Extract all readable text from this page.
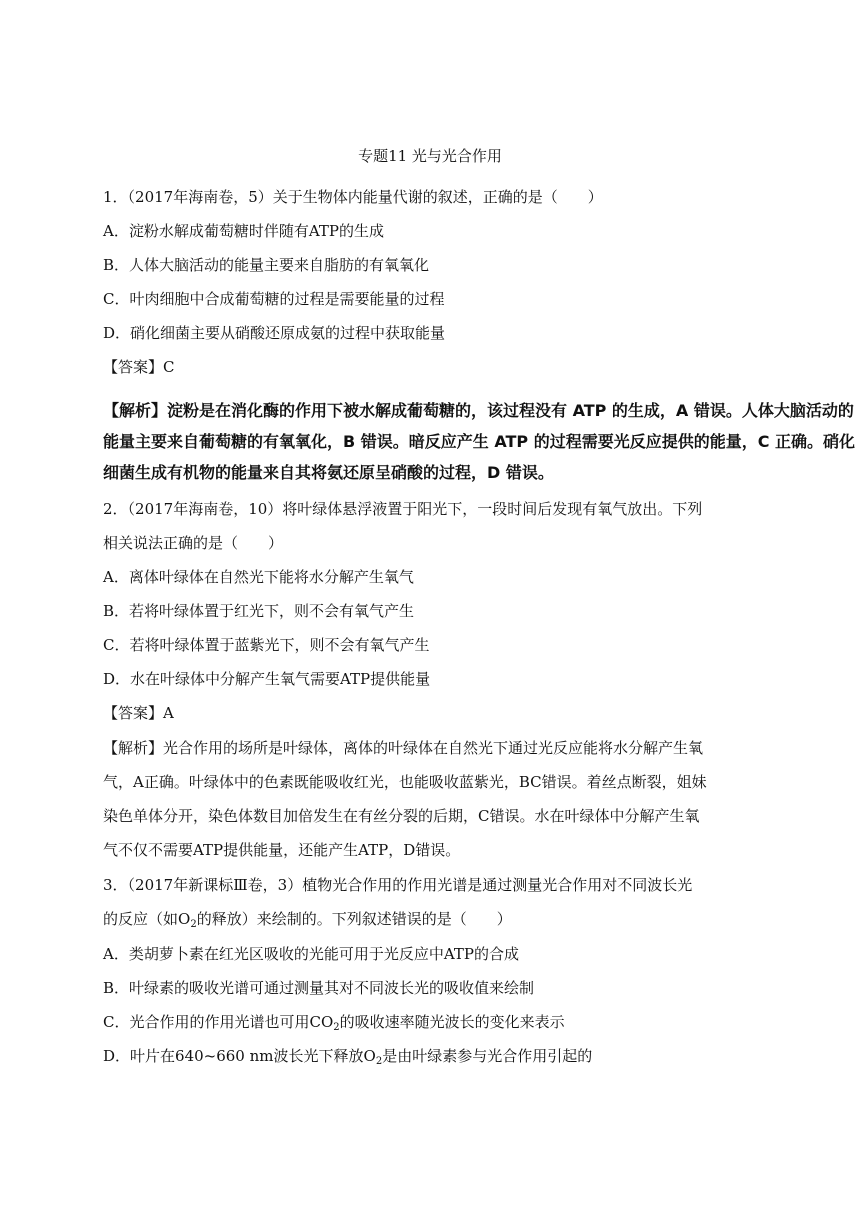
专题11 光与光合作用
1．（2017年海南卷，5）关于生物体内能量代谢的叙述，正确的是（　　）
A．淀粉水解成葡萄糖时伴随有ATP的生成
B．人体大脑活动的能量主要来自脂肪的有氧氧化
C．叶肉细胞中合成葡萄糖的过程是需要能量的过程
D．硝化细菌主要从硝酸还原成氨的过程中获取能量
【答案】C
【解析】淀粉是在消化酶的作用下被水解成葡萄糖的，该过程没有 ATP 的生成，A 错误。人体大脑活动的
能量主要来自葡萄糖的有氧氧化，B 错误。暗反应产生 ATP 的过程需要光反应提供的能量，C 正确。硝化
细菌生成有机物的能量来自其将氨还原呈硝酸的过程，D 错误。
2．（2017年海南卷，10）将叶绿体悬浮液置于阳光下，一段时间后发现有氧气放出。下列
相关说法正确的是（　　）
A．离体叶绿体在自然光下能将水分解产生氧气
B．若将叶绿体置于红光下，则不会有氧气产生
C．若将叶绿体置于蓝紫光下，则不会有氧气产生
D．水在叶绿体中分解产生氧气需要ATP提供能量
【答案】A
【解析】光合作用的场所是叶绿体，离体的叶绿体在自然光下通过光反应能将水分解产生氧
气，A正确。叶绿体中的色素既能吸收红光，也能吸收蓝紫光，BC错误。着丝点断裂，姐妹
染色单体分开，染色体数目加倍发生在有丝分裂的后期，C错误。水在叶绿体中分解产生氧
气不仅不需要ATP提供能量，还能产生ATP，D错误。
3．（2017年新课标Ⅲ卷，3）植物光合作用的作用光谱是通过测量光合作用对不同波长光
的反应（如$O_2$的释放）来绘制的。下列叙述错误的是（　　）
A．类胡萝卜素在红光区吸收的光能可用于光反应中ATP的合成
B．叶绿素的吸收光谱可通过测量其对不同波长光的吸收值来绘制
C．光合作用的作用光谱也可用$CO_2$的吸收速率随光波长的变化来表示
D．叶片在640~660 nm波长光下释放$O_2$是由叶绿素参与光合作用引起的
